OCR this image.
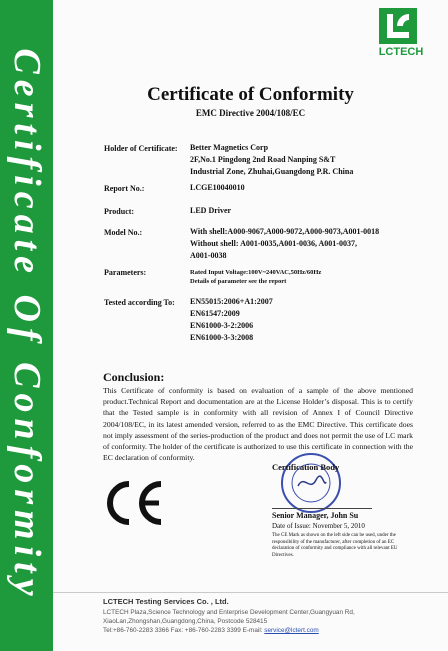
Certificate Of Conformity	LCTECH
Certificate of Conformity
EMC Directive 2004/108/EC
Holder of Certificate: Better Magnetics Corp
2F,No.1 Pingdong 2nd Road Nanping S&T
Industrial Zone, Zhuhai,Guangdong P.R. China
Report No.:	LCGE10040010
Product:	LED Driver
Model No.:	With shell:A000-9067,A000-9072,A000-9073,A001-0018
Without shell: A001-0035,A001-0036, A001-0037,
A001-0038
Parameters:	Rated Input Voltage:100V~240VAC,50Hz/60Hz
Details of parameter see the report
Tested according To: EN55015:2006+A1:2007
EN61547:2009
EN61000-3-2:2006
EN61000-3-3:2008
Conclusion:
This Certificate of conformity is based on evaluation of a sample of the above mentioned product.Technical Report and documentation are at the License Holder’s disposal. This is to certify that the Tested sample is in conformity with all revision of Annex I of Council Directive 2004/108/EC, in its latest amended version, referred to as the EMC Directive. This certificate does not imply assessment of the series-production of the product and does not permit the use of LC mark of conformity. The holder of the certificate is authorized to use this certificate in connection with the EC declaration of conformity.
Certification Body
Senior Manager, John Su
Date of Issue: November 5, 2010
The CE Mark as shown on the left side can be used, under the responsibility of the manufacturer, after completion of an EC declaration of conformity and compliance with all relevant EU Directives.
LCTECH Testing Services Co. , Ltd.
LCTECH Plaza,Science Technology and Enterprise Development Center,Guangyuan Rd,
XiaoLan,Zhongshan,Guangdong,China, Postcode 528415
Tel:+86-760-2283 3366 Fax: +86-760-2283 3399 E-mail: service@lctert.com
